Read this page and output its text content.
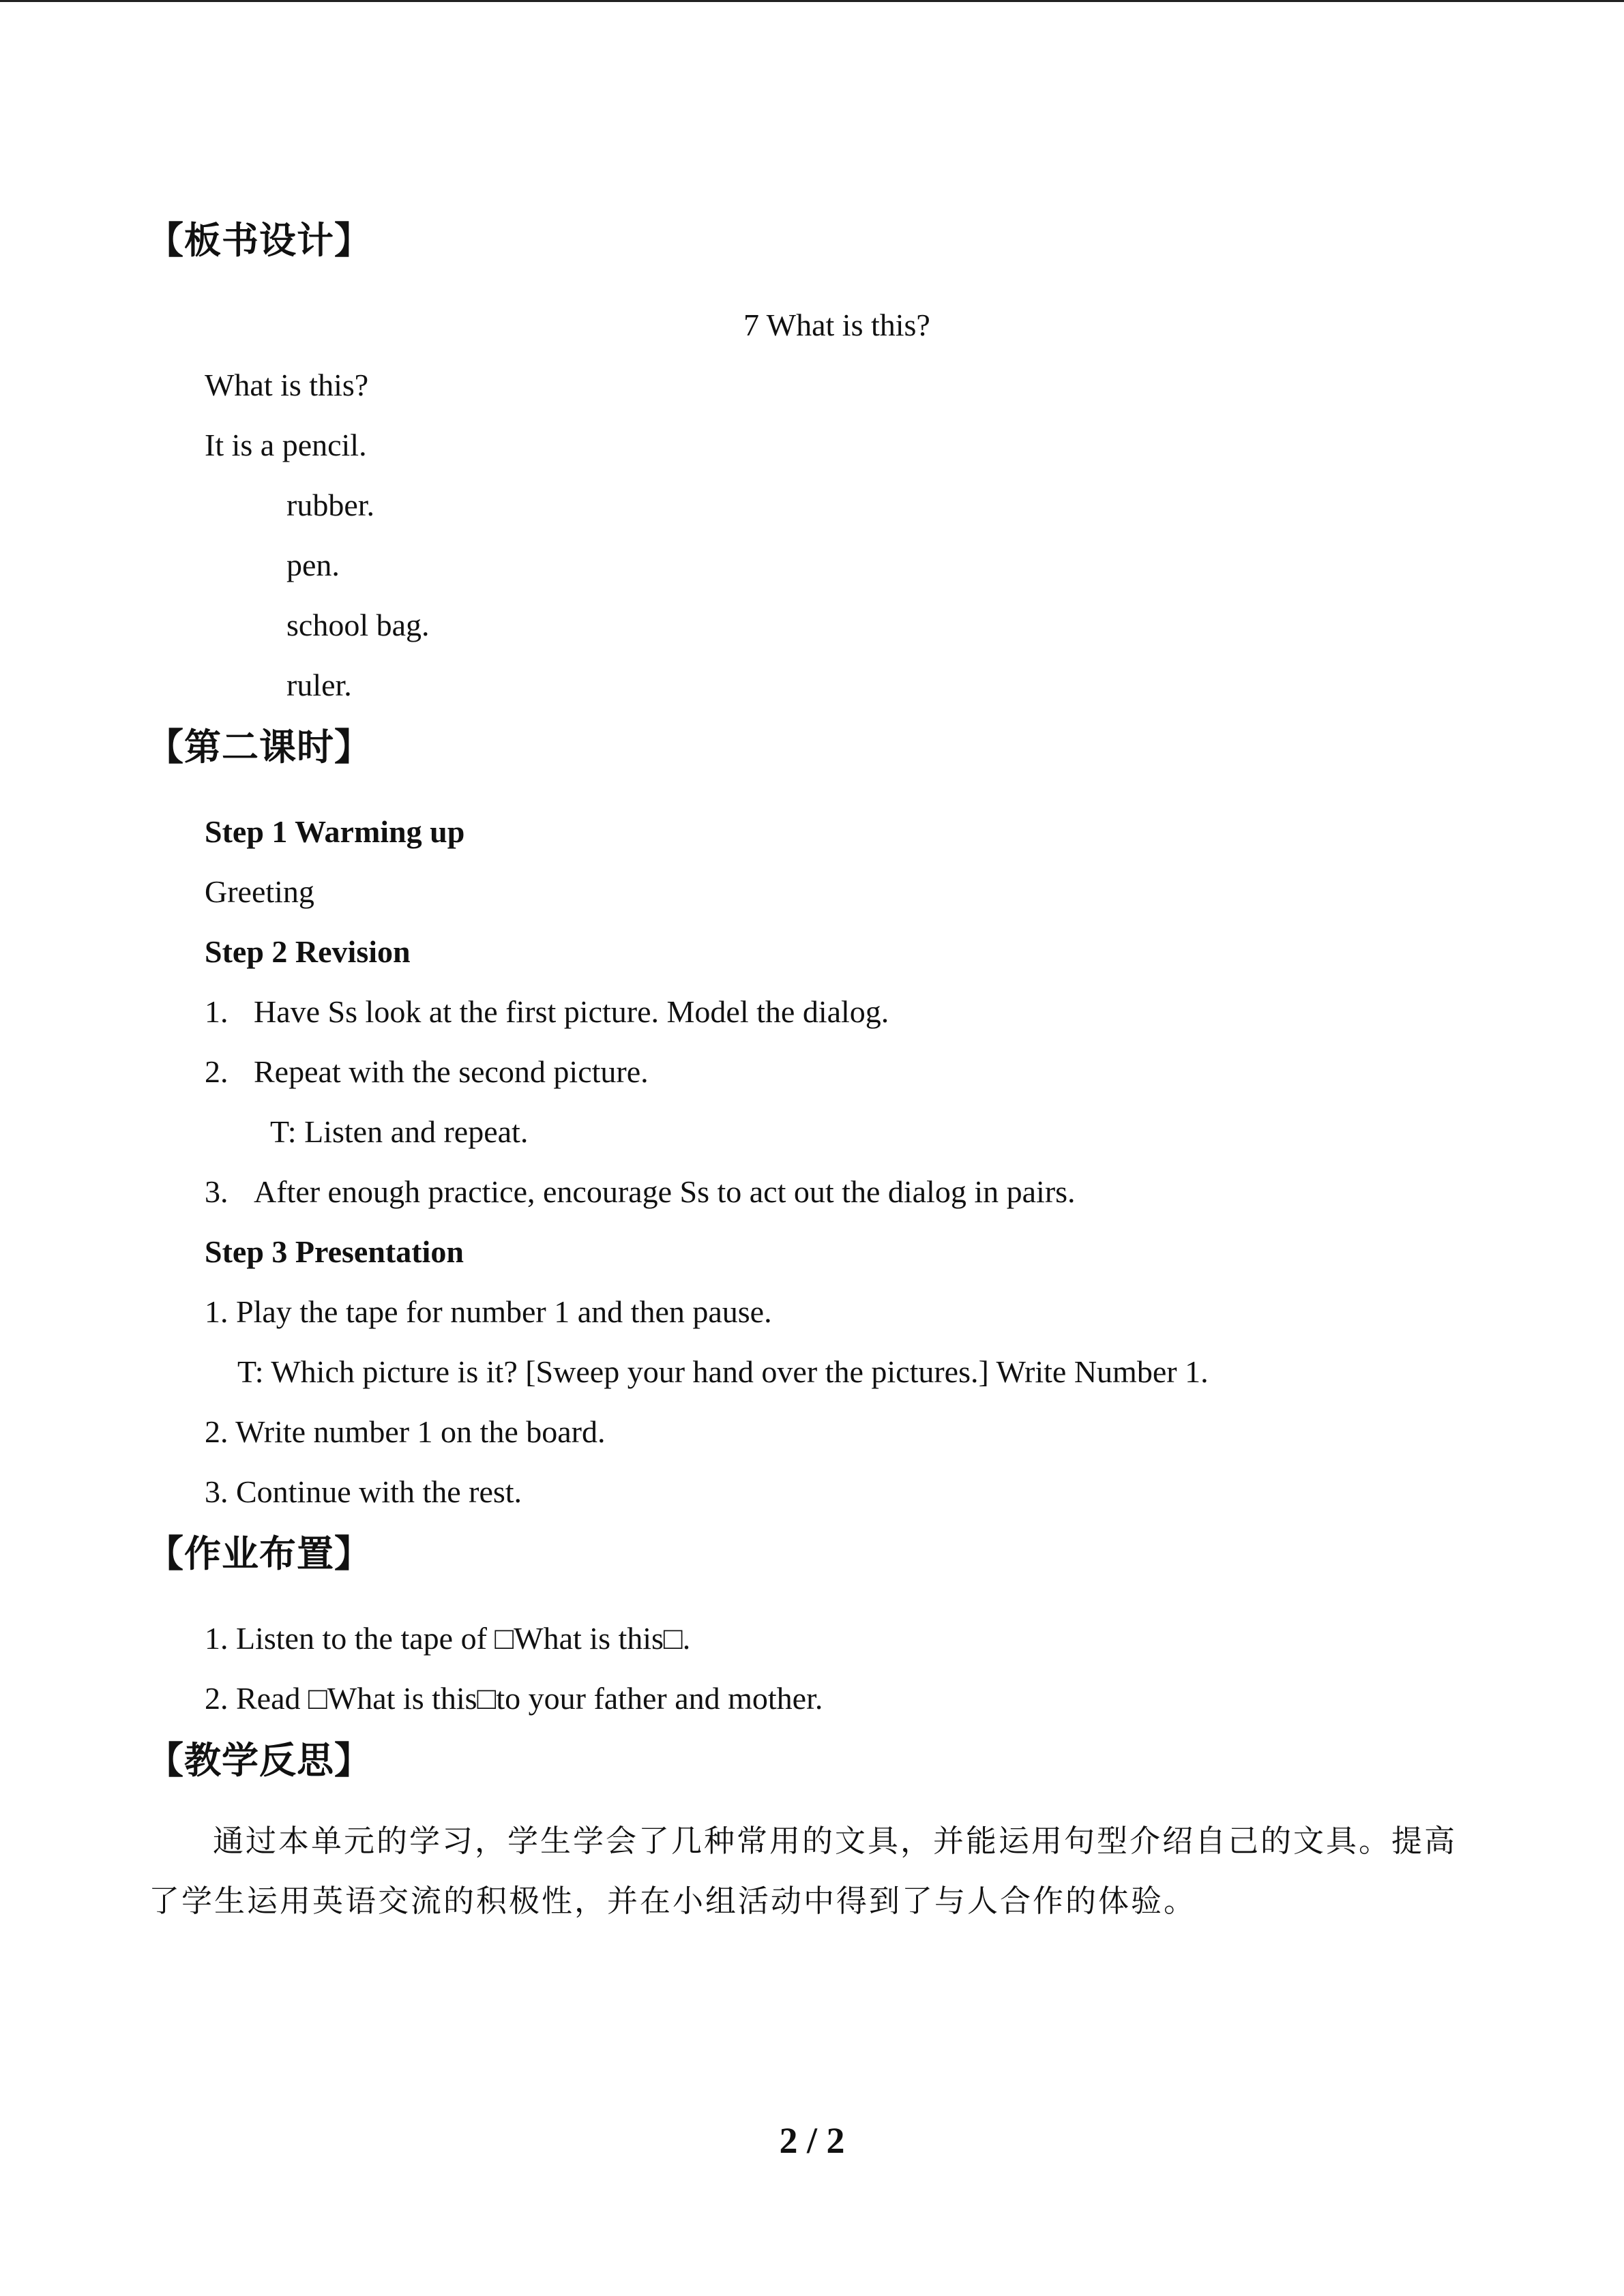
【板书设计】
7 What is this?
What is this?
It is a pencil.
rubber.
pen.
school bag.
ruler.
【第二课时】
Step 1 Warming up
Greeting
Step 2 Revision
1. Have Ss look at the first picture. Model the dialog.
2. Repeat with the second picture.
T: Listen and repeat.
3. After enough practice, encourage Ss to act out the dialog in pairs.
Step 3 Presentation
1. Play the tape for number 1 and then pause.
T: Which picture is it? [Sweep your hand over the pictures.] Write Number 1.
2. Write number 1 on the board.
3. Continue with the rest.
【作业布置】
1. Listen to the tape of □What is this□.
2. Read □What is this□to your father and mother.
【教学反思】
通过本单元的学习，学生学会了几种常用的文具，并能运用句型介绍自己的文具。提高
了学生运用英语交流的积极性，并在小组活动中得到了与人合作的体验。
2 / 2
